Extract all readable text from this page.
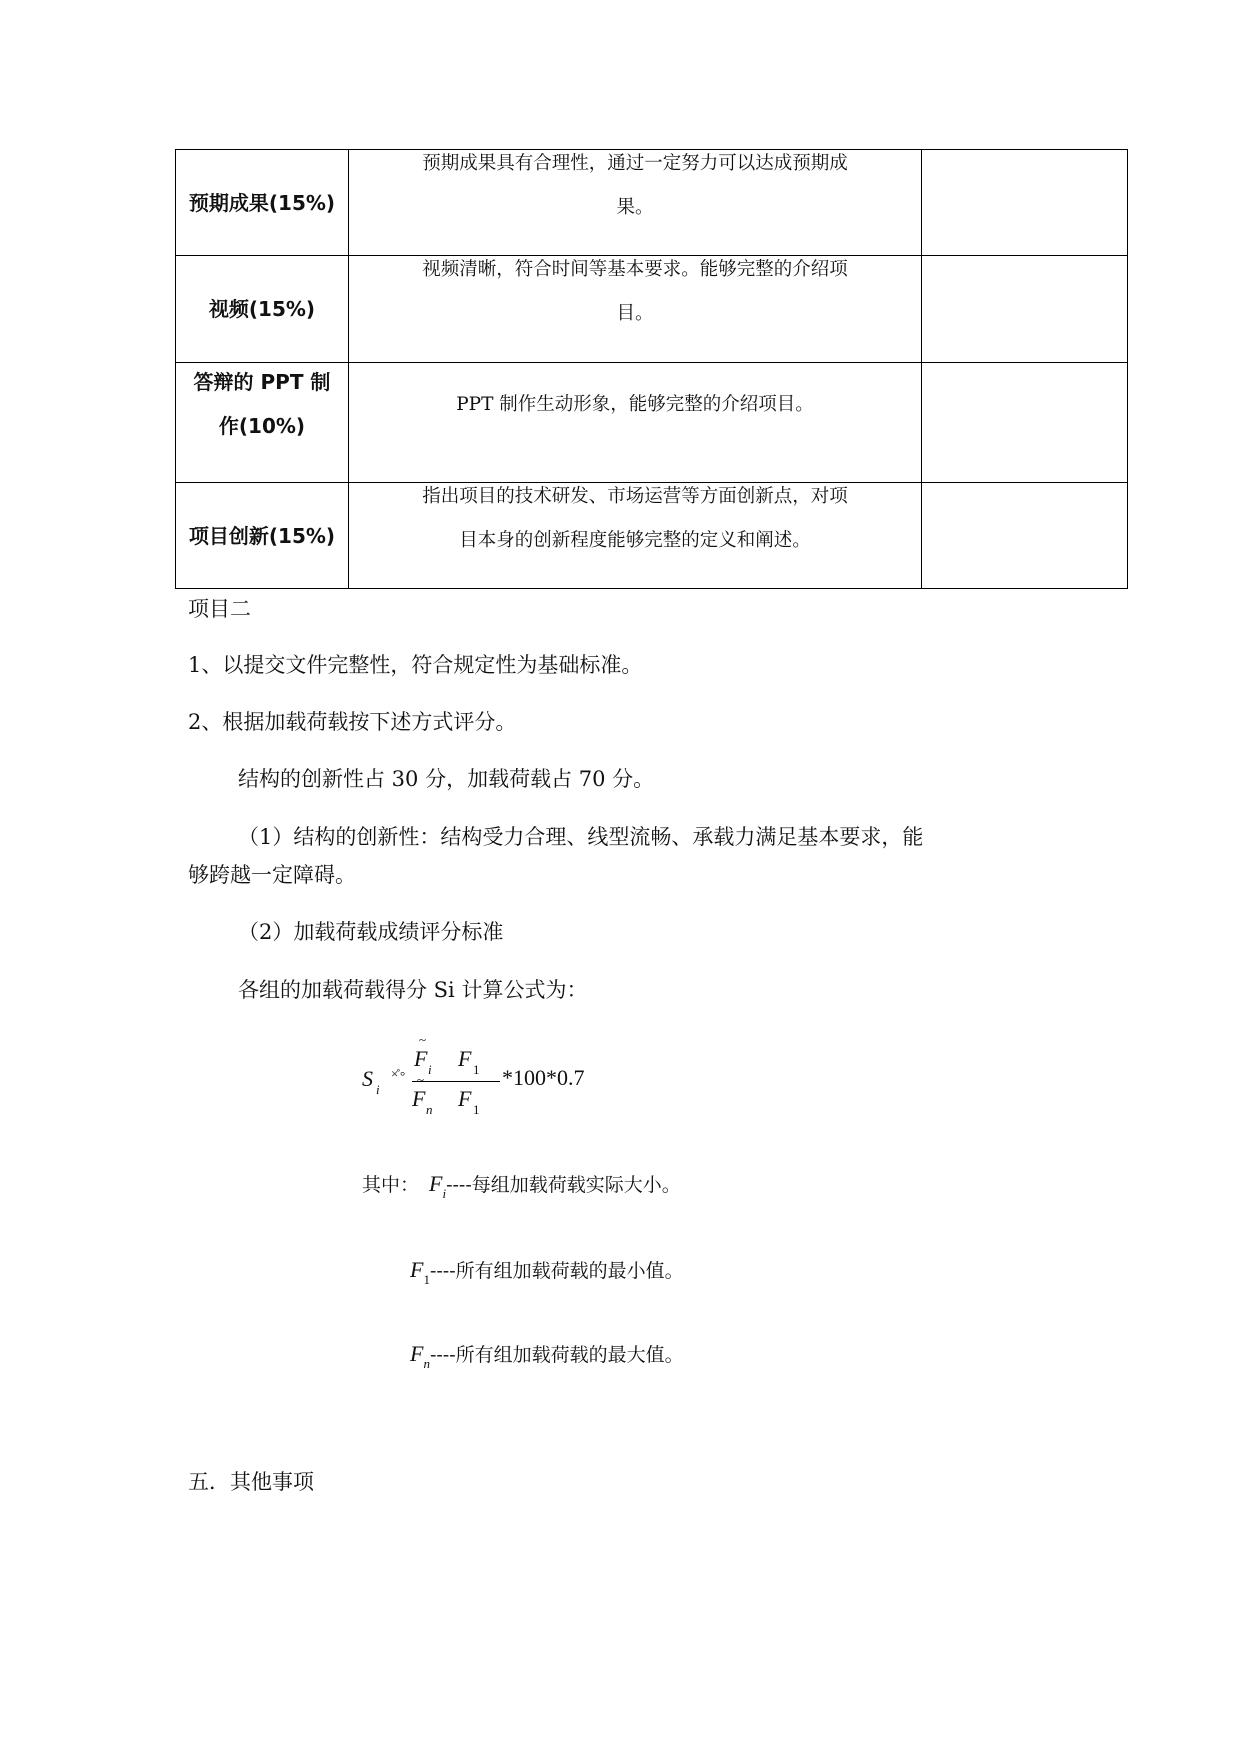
预期成果(15%)	预期成果具有合理性，通过一定努力可以达成预期成
果。	

视频(15%)	视频清晰，符合时间等基本要求。能够完整的介绍项
目。	

答辩的 PPT 制
作(10%)	PPT 制作生动形象，能够完整的介绍项目。	

项目创新(15%)	指出项目的技术研发、市场运营等方面创新点，对项
目本身的创新程度能够完整的定义和阐述。	

项目二
1、以提交文件完整性，符合规定性为基础标准。
2、根据加载荷载按下述方式评分。
结构的创新性占 30 分，加载荷载占 70 分。
（1）结构的创新性：结构受力合理、线型流畅、承载力满足基本要求，能
够跨越一定障碍。
（2）加载荷载成绩评分标准
各组的加载荷载得分 Si 计算公式为：
S i
×̊ °
F
~
i F 1
F
~
n F 1
*100*0.7
其中： $F_i----$每组加载荷载实际大小。
$F_1----$所有组加载荷载的最小值。
$F_n----$所有组加载荷载的最大值。
五．其他事项
